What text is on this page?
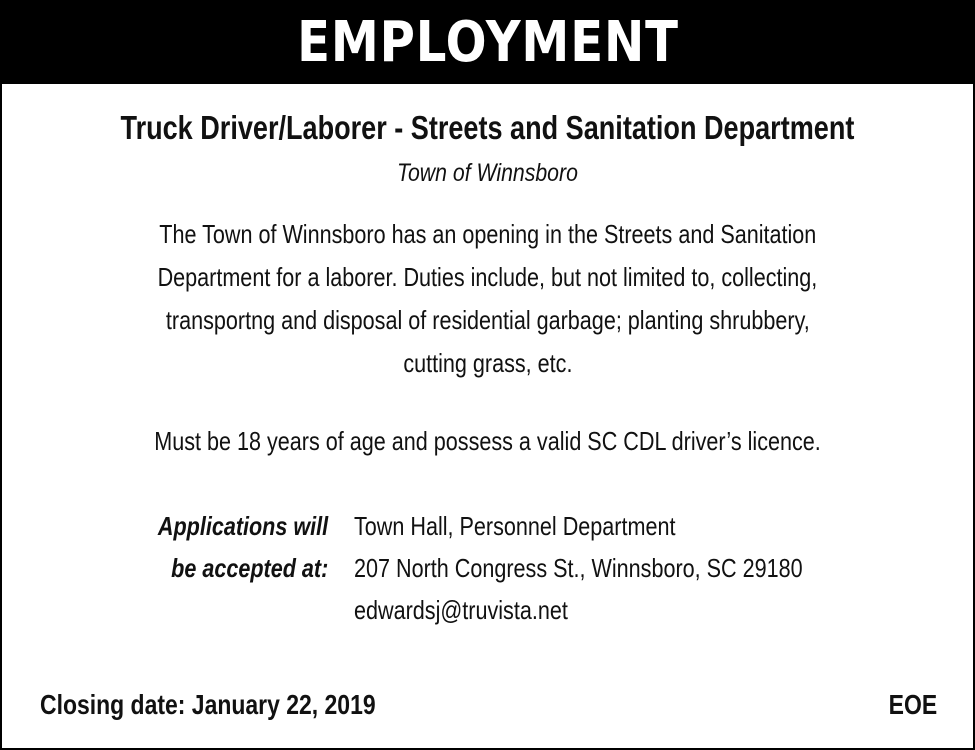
EMPLOYMENT
Truck Driver/Laborer - Streets and Sanitation Department
Town of Winnsboro
The Town of Winnsboro has an opening in the Streets and Sanitation
Department for a laborer. Duties include, but not limited to, collecting,
transportng and disposal of residential garbage; planting shrubbery,
cutting grass, etc.
Must be 18 years of age and possess a valid SC CDL driver’s licence.
Applications will
be accepted at:
Town Hall, Personnel Department
207 North Congress St., Winnsboro, SC 29180
edwardsj@truvista.net
Closing date: January 22, 2019	EOE
